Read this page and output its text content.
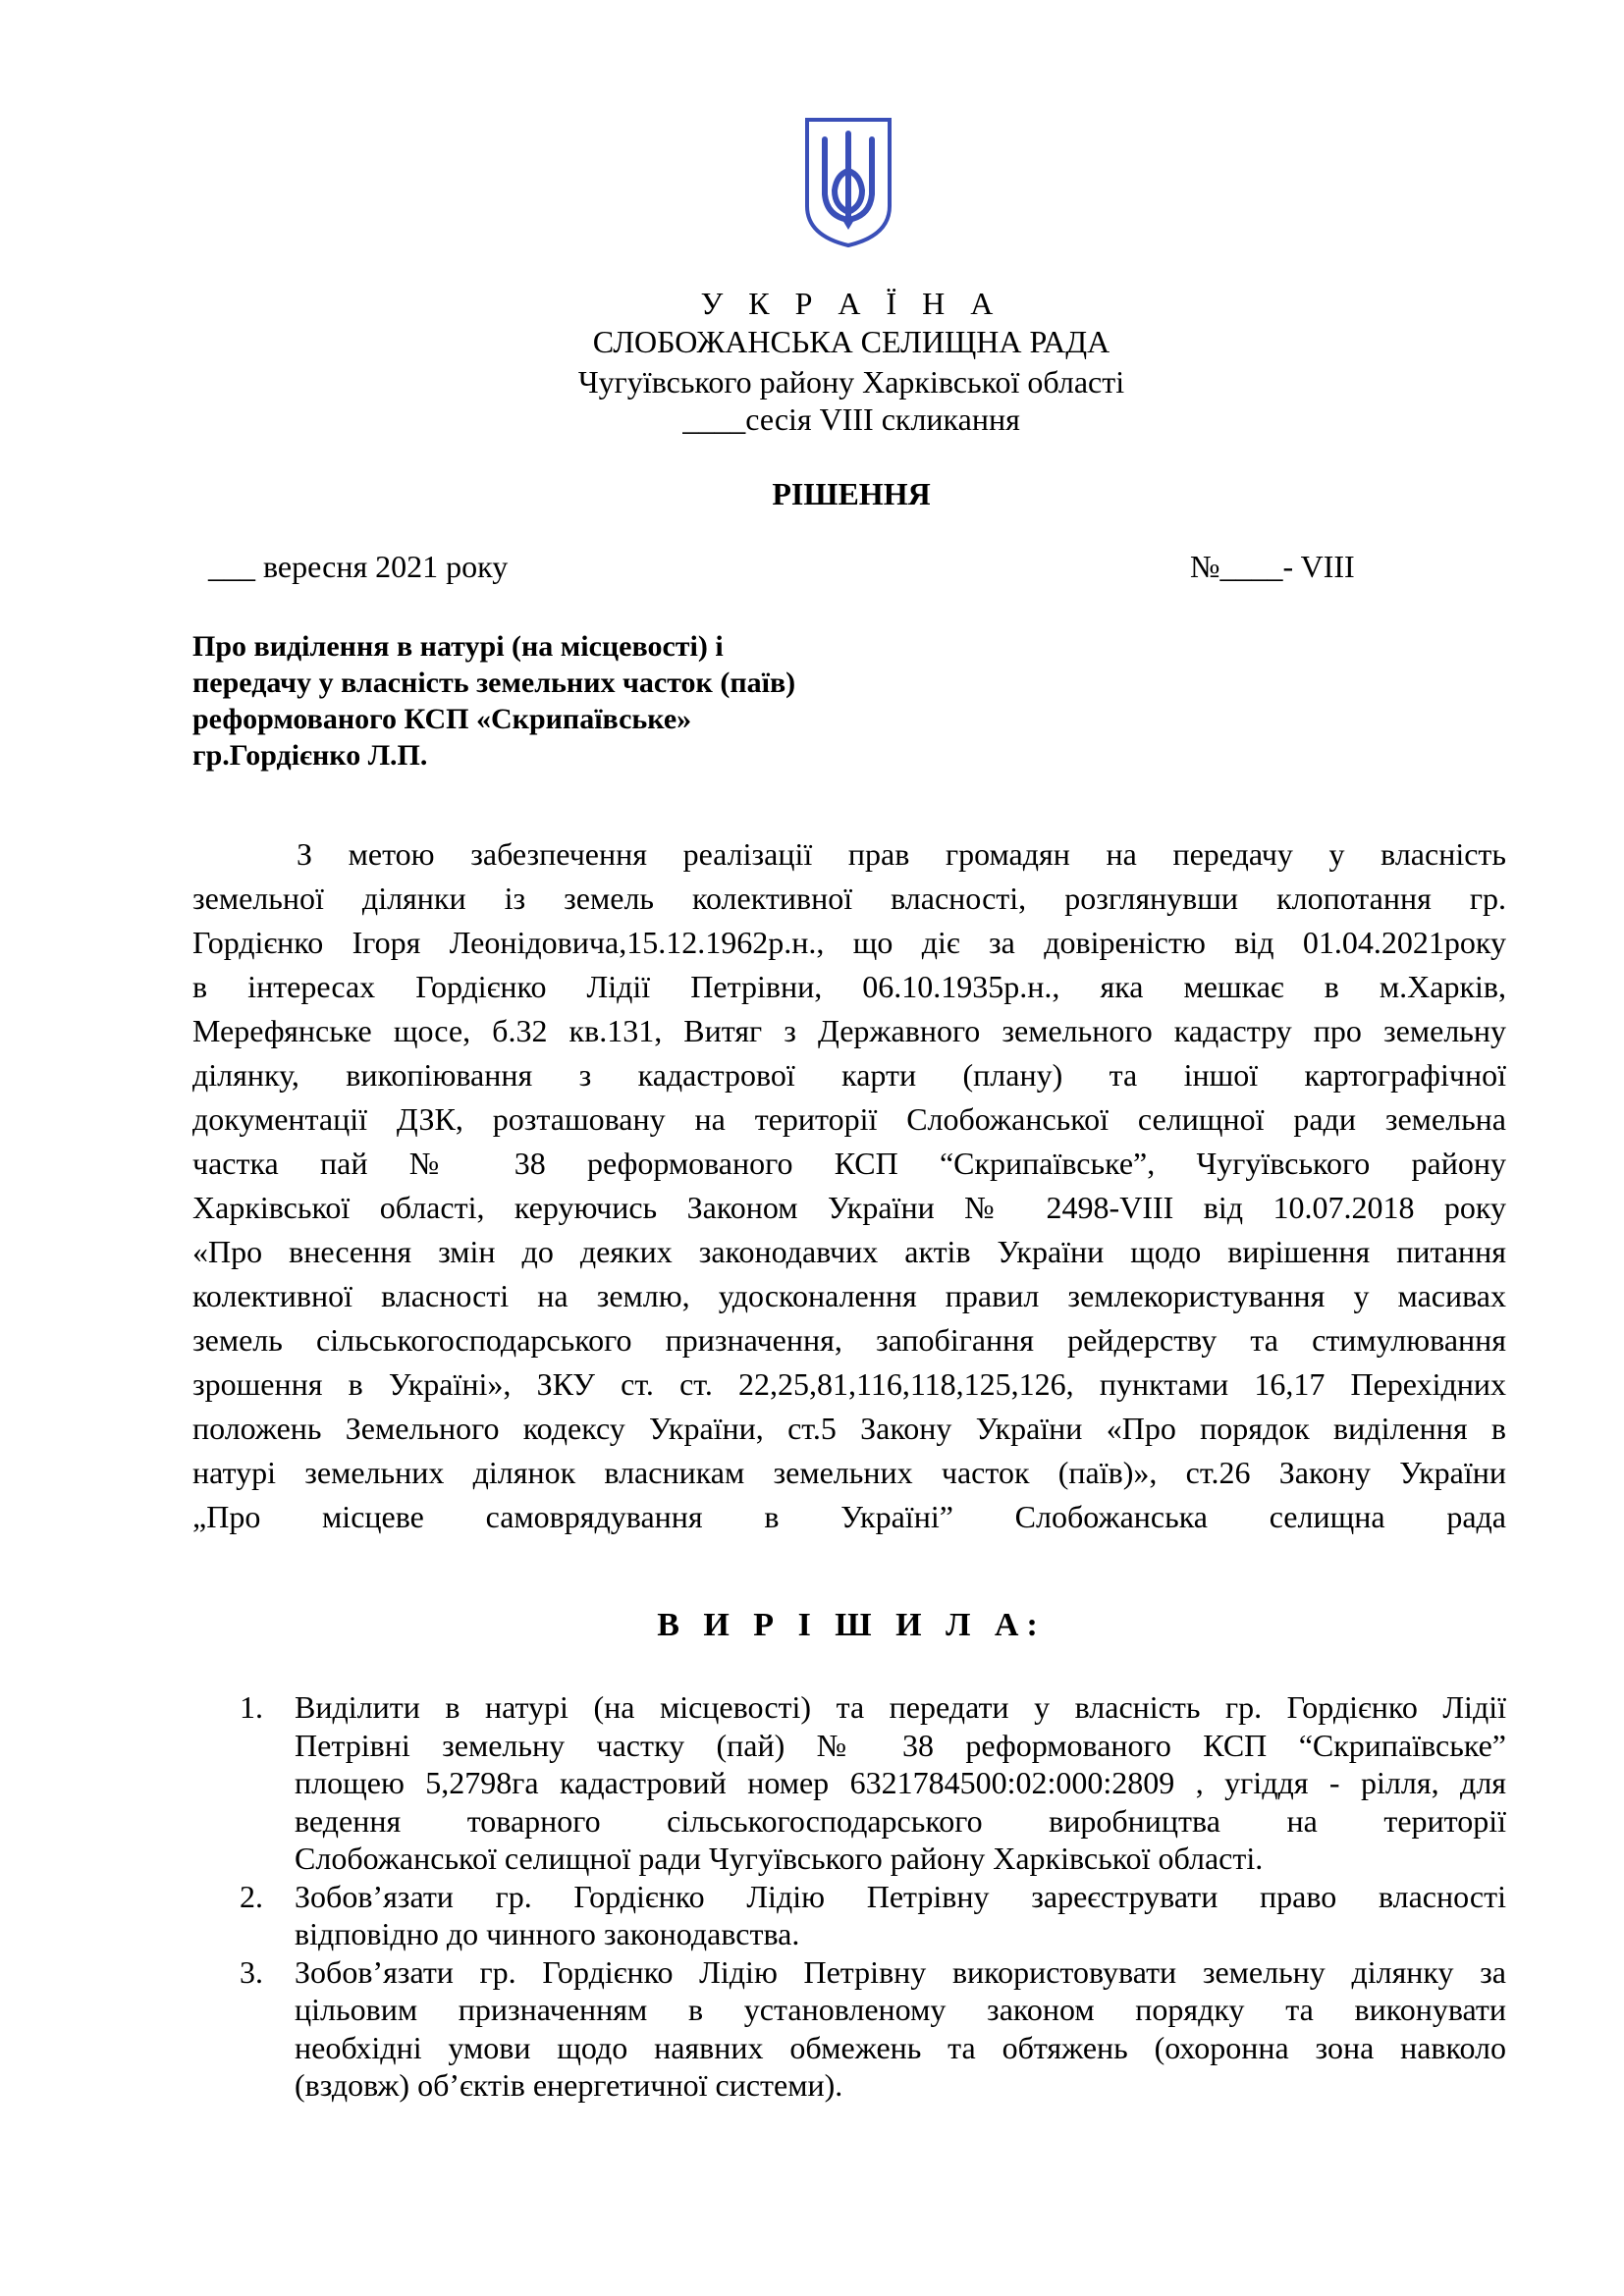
У К Р А Ї Н А
СЛОБОЖАНСЬКА СЕЛИЩНА РАДА
Чугуївського району Харківської області
____сесія VIII скликання
РІШЕННЯ
___ вересня 2021 року	№____- VIII
Про виділення в натурі (на місцевості) і
передачу у власність земельних часток (паїв)
реформованого КСП «Скрипаївське»
гр.Гордієнко Л.П.
З метою забезпечення реалізації прав громадян на передачу у власність
земельної ділянки із земель колективної власності, розглянувши клопотання гр.
Гордієнко Ігоря Леонідовича,15.12.1962р.н., що діє за довіреністю від 01.04.2021року
в інтересах Гордієнко Лідії Петрівни, 06.10.1935р.н., яка мешкає в м.Харків,
Мерефянське щосе, б.32 кв.131, Витяг з Державного земельного кадастру про земельну
ділянку, викопіювання з кадастрової карти (плану) та іншої картографічної
документації ДЗК, розташовану на території Слобожанської селищної ради земельна
частка пай № 38 реформованого КСП “Скрипаївське”, Чугуївського району
Харківської області, керуючись Законом України № 2498-VIII від 10.07.2018 року
«Про внесення змін до деяких законодавчих актів України щодо вирішення питання
колективної власності на землю, удосконалення правил землекористування у масивах
земель сільськогосподарського призначення, запобігання рейдерству та стимулювання
зрошення в Україні», ЗКУ ст. ст. 22,25,81,116,118,125,126, пунктами 16,17 Перехідних
положень Земельного кодексу України, ст.5 Закону України «Про порядок виділення в
натурі земельних ділянок власникам земельних часток (паїв)», ст.26 Закону України
„Про місцеве самоврядування в Україні” Слобожанська селищна рада
В И Р І Ш И Л А:
1. Виділити в натурі (на місцевості) та передати у власність гр. Гордієнко Лідії
Петрівні земельну частку (пай) № 38 реформованого КСП “Скрипаївське”
площею 5,2798га кадастровий номер 6321784500:02:000:2809 , угіддя - рілля, для
ведення товарного сільськогосподарського виробництва на території
Слобожанської селищної ради Чугуївського району Харківської області.
2. Зобов’язати гр. Гордієнко Лідію Петрівну зареєструвати право власності
відповідно до чинного законодавства.
3. Зобов’язати гр. Гордієнко Лідію Петрівну використовувати земельну ділянку за
цільовим призначенням в установленому законом порядку та виконувати
необхідні умови щодо наявних обмежень та обтяжень (охоронна зона навколо
(вздовж) об’єктів енергетичної системи).
